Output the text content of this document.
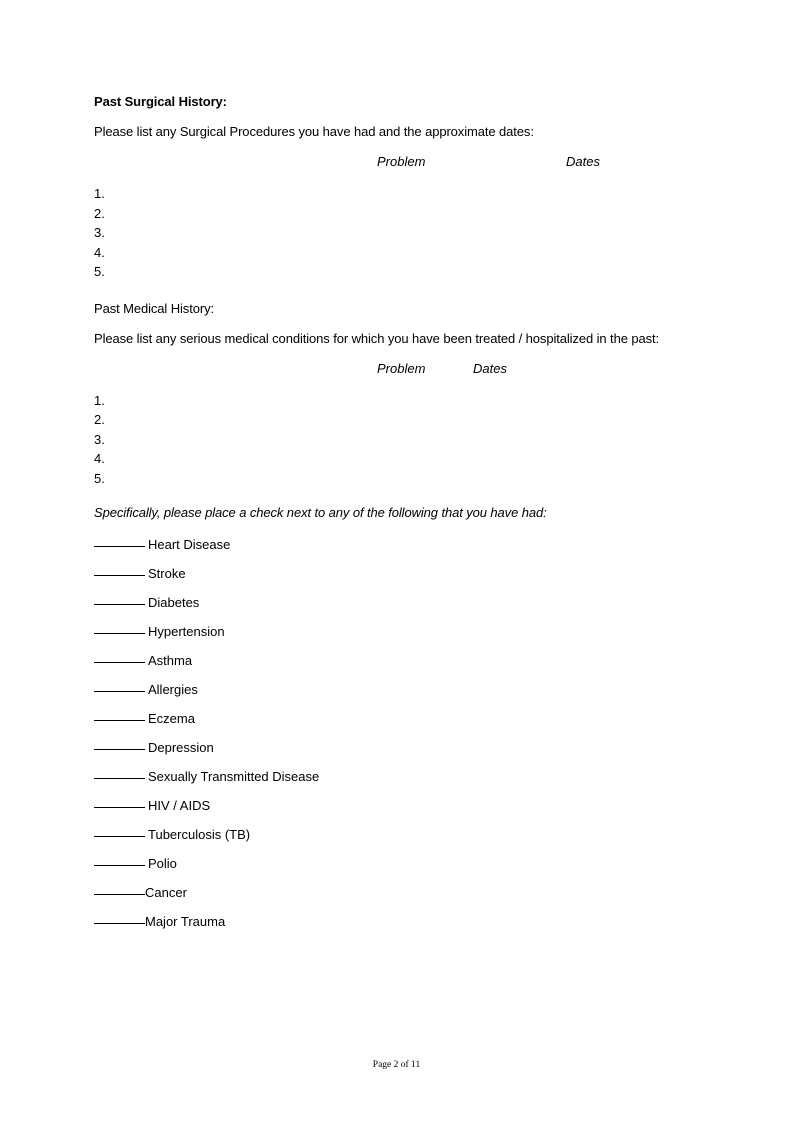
Past Surgical History:
Please list any Surgical Procedures you have had and the approximate dates:

Problem

	Dates

1.
2.
3.
4.
5.
Past Medical History:
Please list any serious medical conditions for which you have been treated / hospitalized in the past:

Problem

	Dates

1.
2.
3.
4.
5.
Specifically, please place a check next to any of the following that you have had:
Heart Disease
Stroke
Diabetes
Hypertension
Asthma
Allergies
Eczema
Depression
Sexually Transmitted Disease
HIV / AIDS
Tuberculosis (TB)
Polio
Cancer
Major Trauma
Page 2 of 11
